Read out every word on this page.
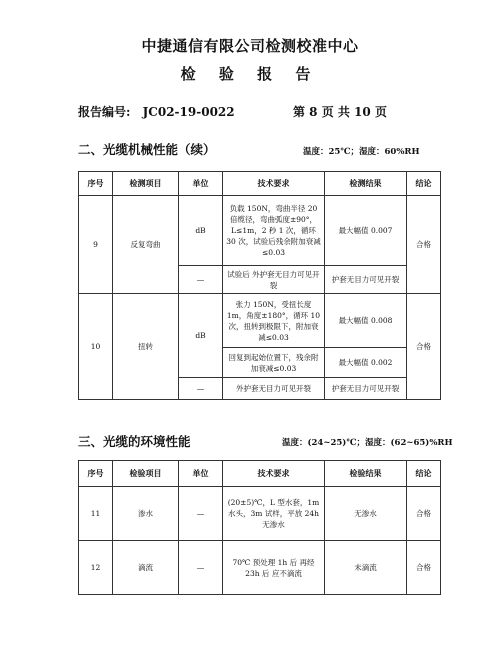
中捷通信有限公司检测校准中心
检 验 报 告
报告编号: JC02-19-0022	第 8 页 共 10 页
二、光缆机械性能（续）	温度：25℃；湿度：60%RH
序号	检测项目	单位	技术要求	检测结果	结论
9	反复弯曲	dB	负载 150N，弯曲半径 20 倍缆径，弯曲弧度±90°，L≤1m，2 秒 1 次，循环 30 次，试验后残余附加衰减≤0.03	最大幅值 0.007	合格
		—	试验后 外护套无目力可见开裂	护套无目力可见开裂	
10	扭转	dB	张力 150N，受扭长度 1m，角度±180°，循环 10 次，扭转到极限下，附加衰减≤0.03	最大幅值 0.008	合格
			回复到起始位置下，残余附加衰减≤0.03	最大幅值 0.002	
		—	外护套无目力可见开裂	护套无目力可见开裂	
三、光缆的环境性能	温度：(24~25)℃；湿度：(62~65)%RH
序号	检验项目	单位	技术要求	检验结果	结论
11	渗水	—	(20±5)℃，L 型水套，1m 水头，3m 试样，平放 24h 无渗水	无渗水	合格
12	滴流	—	70℃ 预处理 1h 后 再经 23h 后 应不滴流	未滴流	合格
